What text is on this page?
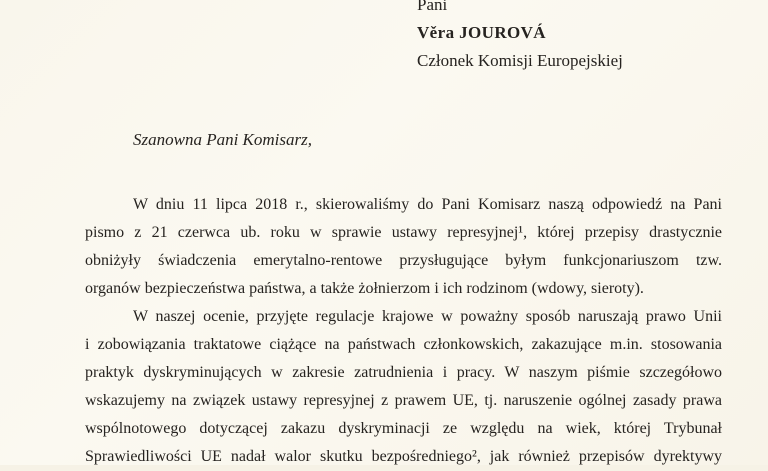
Pani
Věra JOUROVÁ
Członek Komisji Europejskiej
Szanowna Pani Komisarz,
W dniu 11 lipca 2018 r., skierowaliśmy do Pani Komisarz naszą odpowiedź na Pani
pismo z 21 czerwca ub. roku w sprawie ustawy represyjnej¹, której przepisy drastycznie
obniżyły świadczenia emerytalno-rentowe przysługujące byłym funkcjonariuszom tzw.
organów bezpieczeństwa państwa, a także żołnierzom i ich rodzinom (wdowy, sieroty).
W naszej ocenie, przyjęte regulacje krajowe w poważny sposób naruszają prawo Unii
i zobowiązania traktatowe ciążące na państwach członkowskich, zakazujące m.in. stosowania
praktyk dyskryminujących w zakresie zatrudnienia i pracy. W naszym piśmie szczegółowo
wskazujemy na związek ustawy represyjnej z prawem UE, tj. naruszenie ogólnej zasady prawa
wspólnotowego dotyczącej zakazu dyskryminacji ze względu na wiek, której Trybunał
Sprawiedliwości UE nadał walor skutku bezpośredniego², jak również przepisów dyrektywy
